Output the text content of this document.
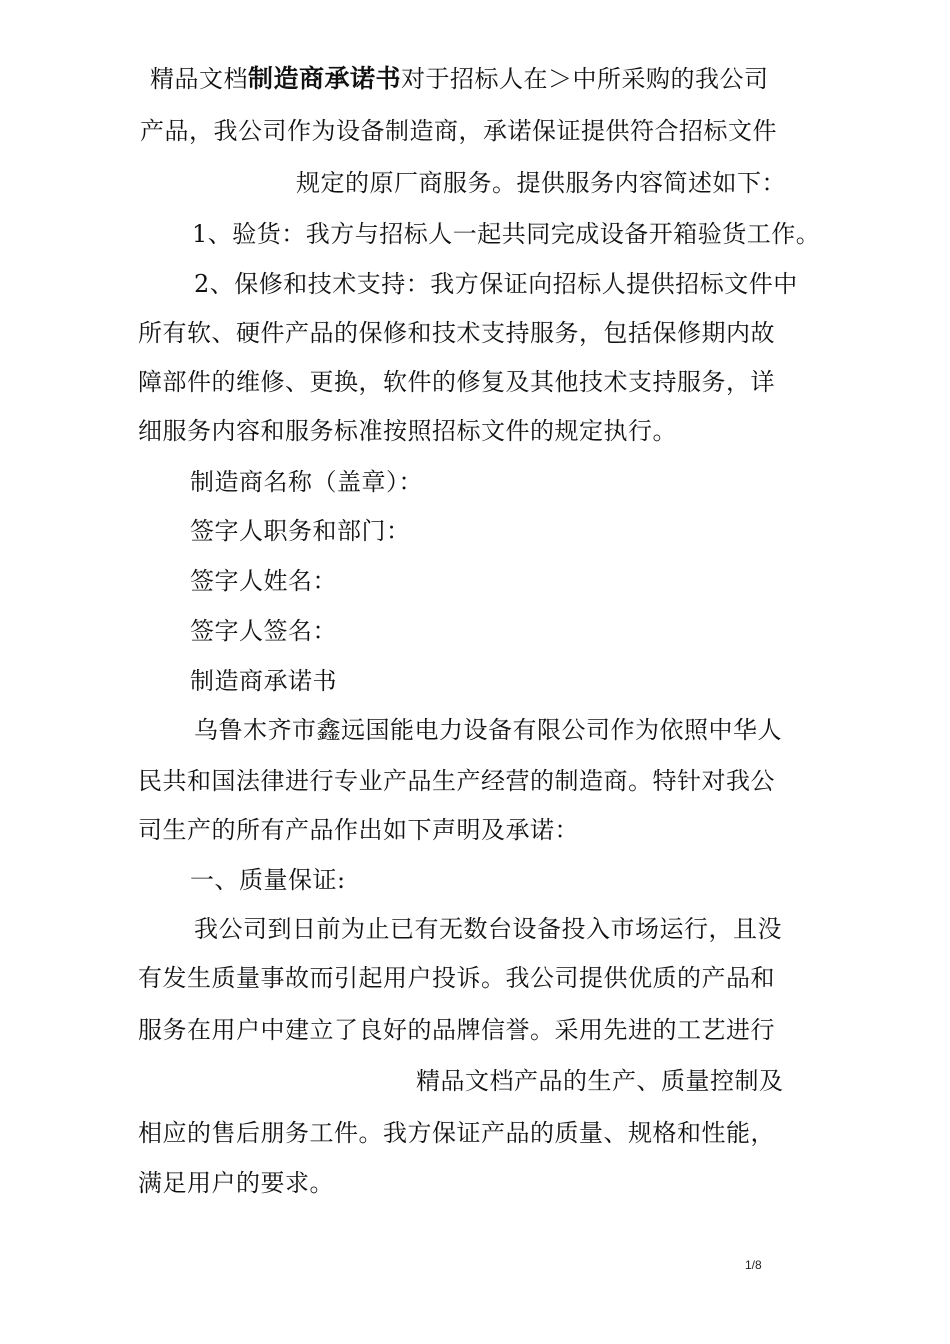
精品文档制造商承诺书对于招标人在＞中所采购的我公司
产品，我公司作为设备制造商，承诺保证提供符合招标文件
规定的原厂商服务。提供服务内容简述如下：
1、验货：我方与招标人一起共同完成设备开箱验货工作。
2、保修和技术支持：我方保证向招标人提供招标文件中
所有软、硬件产品的保修和技术支持服务，包括保修期内故
障部件的维修、更换，软件的修复及其他技术支持服务，详
细服务内容和服务标准按照招标文件的规定执行。
制造商名称（盖章）：
签字人职务和部门：
签字人姓名：
签字人签名：
制造商承诺书
乌鲁木齐市鑫远国能电力设备有限公司作为依照中华人
民共和国法律进行专业产品生产经营的制造商。特针对我公
司生产的所有产品作出如下声明及承诺：
一、质量保证:
我公司到日前为止已有无数台设备投入市场运行，且没
有发生质量事故而引起用户投诉。我公司提供优质的产品和
服务在用户中建立了良好的品牌信誉。采用先进的工艺进行
精品文档产品的生产、质量控制及
相应的售后朋务工件。我方保证产品的质量、规格和性能，
满足用户的要求。
1/8
